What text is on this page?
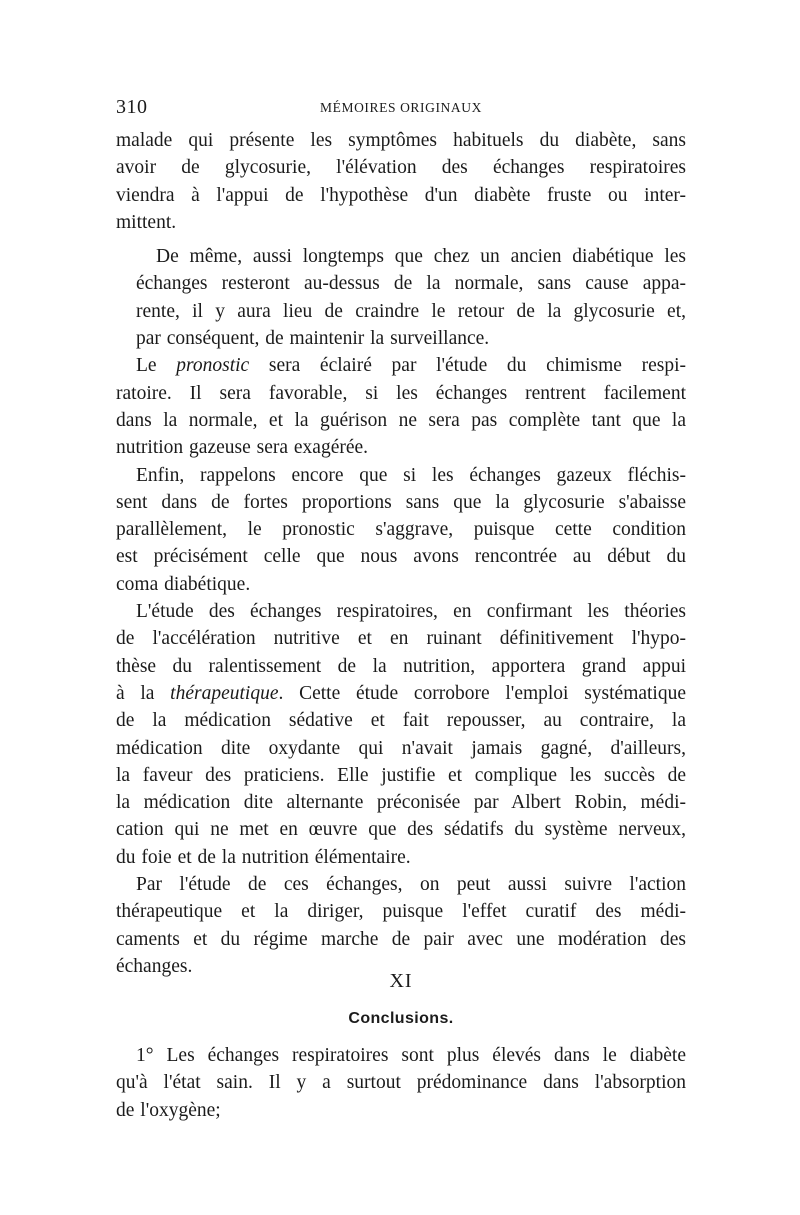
310	MÉMOIRES ORIGINAUX

malade qui présente les symptômes habituels du diabète, sans
avoir de glycosurie, l'élévation des échanges respiratoires
viendra à l'appui de l'hypothèse d'un diabète fruste ou inter-
mittent.

De même, aussi longtemps que chez un ancien diabétique les
échanges resteront au-dessus de la normale, sans cause appa-
rente, il y aura lieu de craindre le retour de la glycosurie et,
par conséquent, de maintenir la surveillance.

Le pronostic sera éclairé par l'étude du chimisme respi-
ratoire. Il sera favorable, si les échanges rentrent facilement
dans la normale, et la guérison ne sera pas complète tant que la
nutrition gazeuse sera exagérée.

Enfin, rappelons encore que si les échanges gazeux fléchis-
sent dans de fortes proportions sans que la glycosurie s'abaisse
parallèlement, le pronostic s'aggrave, puisque cette condition
est précisément celle que nous avons rencontrée au début du
coma diabétique.

L'étude des échanges respiratoires, en confirmant les théories
de l'accélération nutritive et en ruinant définitivement l'hypo-
thèse du ralentissement de la nutrition, apportera grand appui
à la thérapeutique. Cette étude corrobore l'emploi systématique
de la médication sédative et fait repousser, au contraire, la
médication dite oxydante qui n'avait jamais gagné, d'ailleurs,
la faveur des praticiens. Elle justifie et complique les succès de
la médication dite alternante préconisée par Albert Robin, médi-
cation qui ne met en œuvre que des sédatifs du système nerveux,
du foie et de la nutrition élémentaire.

Par l'étude de ces échanges, on peut aussi suivre l'action
thérapeutique et la diriger, puisque l'effet curatif des médi-
caments et du régime marche de pair avec une modération des
échanges.

XI
Conclusions.

1° Les échanges respiratoires sont plus élevés dans le diabète
qu'à l'état sain. Il y a surtout prédominance dans l'absorption
de l'oxygène;
